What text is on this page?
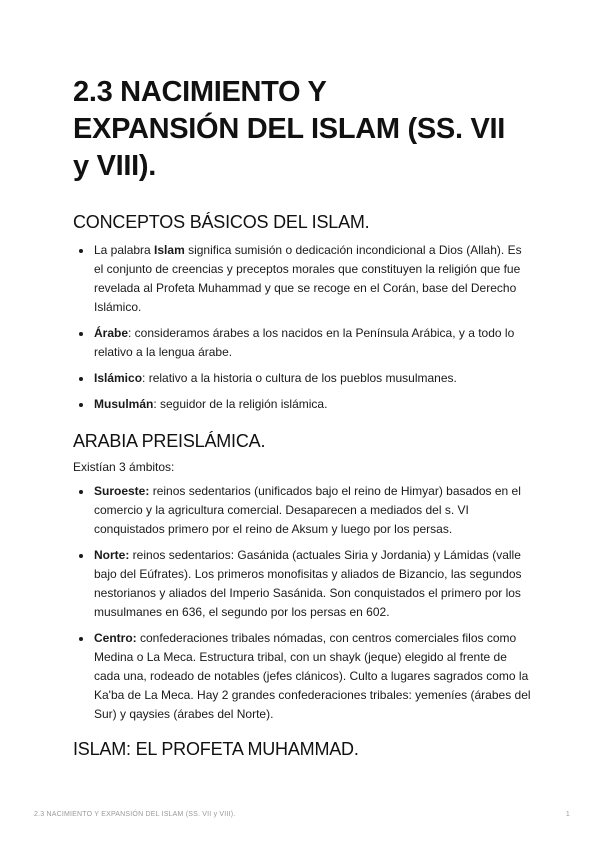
2.3 NACIMIENTO Y
EXPANSIÓN DEL ISLAM (SS. VII
y VIII).
CONCEPTOS BÁSICOS DEL ISLAM.
La palabra Islam significa sumisión o dedicación incondicional a Dios (Allah). Es el conjunto de creencias y preceptos morales que constituyen la religión que fue revelada al Profeta Muhammad y que se recoge en el Corán, base del Derecho Islámico.
Árabe: consideramos árabes a los nacidos en la Península Arábica, y a todo lo relativo a la lengua árabe.
Islámico: relativo a la historia o cultura de los pueblos musulmanes.
Musulmán: seguidor de la religión islámica.
ARABIA PREISLÁMICA.

Existían 3 ámbitos:

Suroeste: reinos sedentarios (unificados bajo el reino de Himyar) basados en el comercio y la agricultura comercial. Desaparecen a mediados del s. VI conquistados primero por el reino de Aksum y luego por los persas.
Norte: reinos sedentarios: Gasánida (actuales Siria y Jordania) y Lámidas (valle bajo del Eúfrates). Los primeros monofisitas y aliados de Bizancio, las segundos nestorianos y aliados del Imperio Sasánida. Son conquistados el primero por los musulmanes en 636, el segundo por los persas en 602.
Centro: confederaciones tribales nómadas, con centros comerciales filos como Medina o La Meca. Estructura tribal, con un shayk (jeque) elegido al frente de cada una, rodeado de notables (jefes clánicos). Culto a lugares sagrados como la Ka'ba de La Meca. Hay 2 grandes confederaciones tribales: yemeníes (árabes del Sur) y qaysies (árabes del Norte).
ISLAM: EL PROFETA MUHAMMAD.
2.3 NACIMIENTO Y EXPANSIÓN DEL ISLAM (SS. VII y VIII).	1
